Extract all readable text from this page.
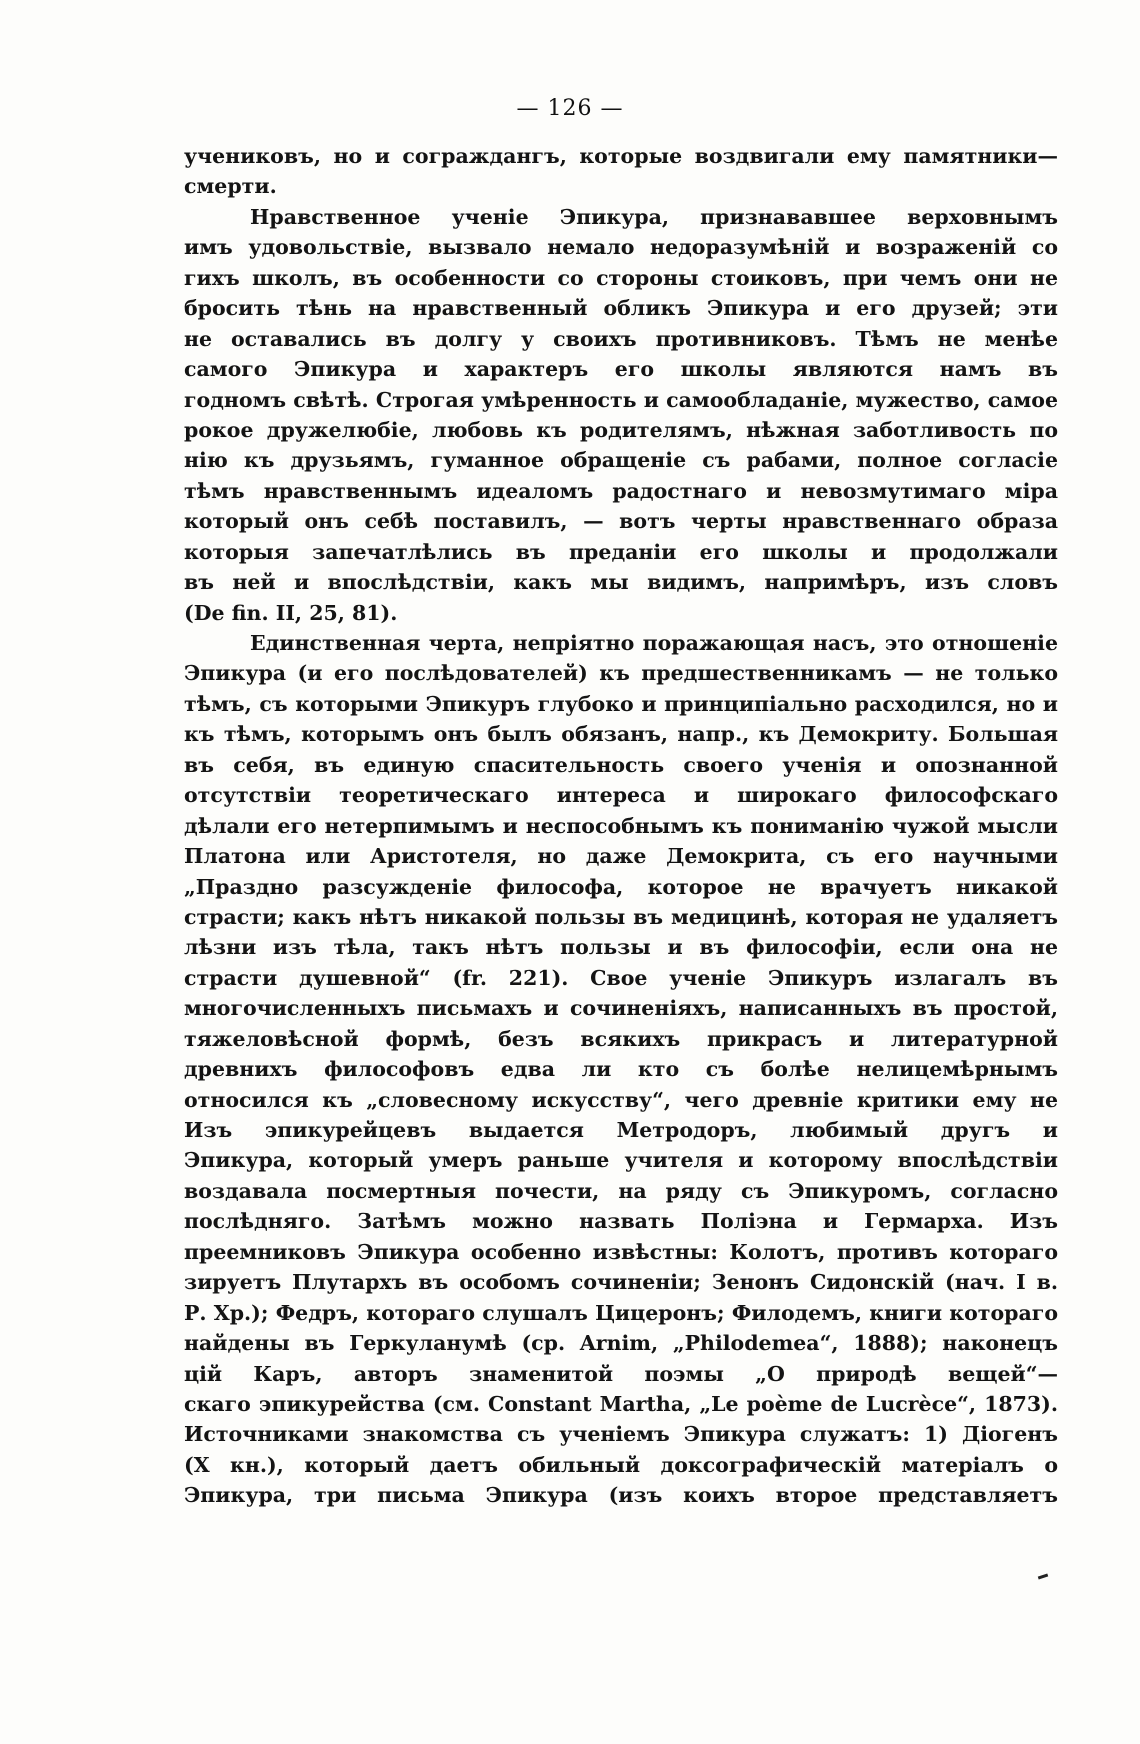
— 126 —
учениковъ, но и сограждангъ, которые воздвигали ему памятники—
смерти.
Нравственное ученіе Эпикура, признававшее верховнымъ
имъ удовольствіе, вызвало немало недоразумѣній и возраженій со
гихъ школъ, въ особенности со стороны стоиковъ, при чемъ они не
бросить тѣнь на нравственный обликъ Эпикура и его друзей; эти
не оставались въ долгу у своихъ противниковъ. Тѣмъ не менѣе
самого Эпикура и характеръ его школы являются намъ въ
годномъ свѣтѣ. Строгая умѣренность и самообладаніе, мужество, самое
рокое дружелюбіе, любовь къ родителямъ, нѣжная заботливость по
нію къ друзьямъ, гуманное обращеніе съ рабами, полное согласіе
тѣмъ нравственнымъ идеаломъ радостнаго и невозмутимаго міра
который онъ себѣ поставилъ, — вотъ черты нравственнаго образа
которыя запечатлѣлись въ преданіи его школы и продолжали
въ ней и впослѣдствіи, какъ мы видимъ, напримѣръ, изъ словъ
(De fin. II, 25, 81).
Единственная черта, непріятно поражающая насъ, это отношеніе
Эпикура (и его послѣдователей) къ предшественникамъ — не только
тѣмъ, съ которыми Эпикуръ глубоко и принципіально расходился, но и
къ тѣмъ, которымъ онъ былъ обязанъ, напр., къ Демокриту. Большая
въ себя, въ единую спасительность своего ученія и опознанной
отсутствіи теоретическаго интереса и широкаго философскаго
дѣлали его нетерпимымъ и неспособнымъ къ пониманію чужой мысли
Платона или Аристотеля, но даже Демокрита, съ его научными
„Праздно разсужденіе философа, которое не врачуетъ никакой
страсти; какъ нѣтъ никакой пользы въ медицинѣ, которая не удаляетъ
лѣзни изъ тѣла, такъ нѣтъ пользы и въ философіи, если она не
страсти душевной“ (fr. 221). Свое ученіе Эпикуръ излагалъ въ
многочисленныхъ письмахъ и сочиненіяхъ, написанныхъ въ простой,
тяжеловѣсной формѣ, безъ всякихъ прикрасъ и литературной
древнихъ философовъ едва ли кто съ болѣе нелицемѣрнымъ
относился къ „словесному искусству“, чего древніе критики ему не
Изъ эпикурейцевъ выдается Метродоръ, любимый другъ и
Эпикура, который умеръ раньше учителя и которому впослѣдствіи
воздавала посмертныя почести, на ряду съ Эпикуромъ, согласно
послѣдняго. Затѣмъ можно назвать Поліэна и Гермарха. Изъ
преемниковъ Эпикура особенно извѣстны: Колотъ, противъ котораго
зируетъ Плутархъ въ особомъ сочиненіи; Зенонъ Сидонскій (нач. I в.
Р. Хр.); Федръ, котораго слушалъ Цицеронъ; Филодемъ, книги котораго
найдены въ Геркуланумѣ (ср. Arnim, „Philodemea“, 1888); наконецъ
цій Каръ, авторъ знаменитой поэмы „О природѣ вещей“—
скаго эпикурейства (см. Constant Martha, „Le poème de Lucrèce“, 1873).
Источниками знакомства съ ученіемъ Эпикура служатъ: 1) Діогенъ
(X кн.), который даетъ обильный доксографическій матеріалъ о
Эпикура, три письма Эпикура (изъ коихъ второе представляетъ
